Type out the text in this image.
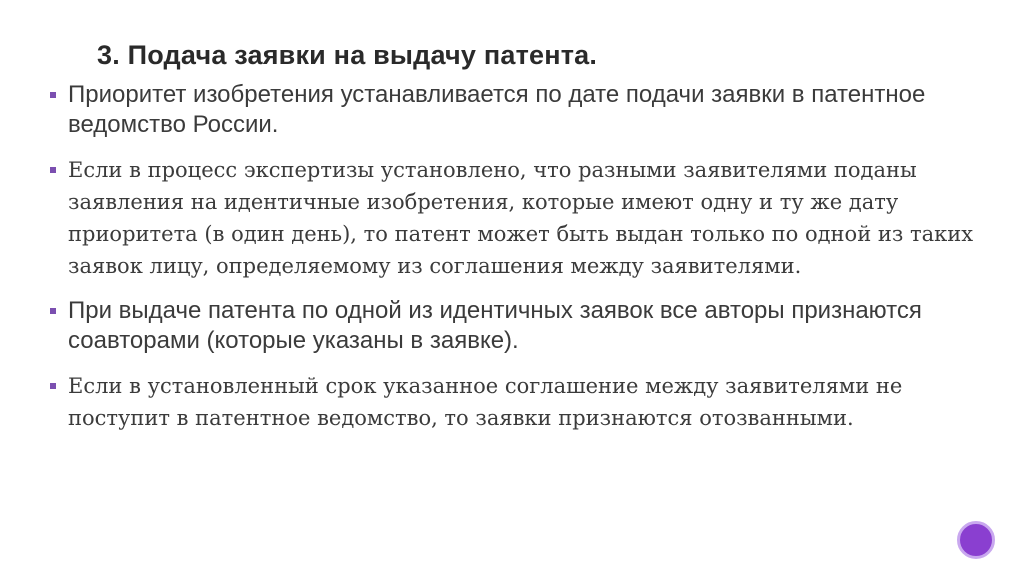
3. Подача заявки на выдачу патента.
Приоритет изобретения устанавливается по дате подачи заявки в патентное ведомство России.
Если в процесс экспертизы установлено, что разными заявителями поданы заявления на идентичные изобретения, которые имеют одну и ту же дату приоритета (в один день), то патент может быть выдан только по одной из таких заявок лицу, определяемому из соглашения между заявителями.
При выдаче патента по одной из идентичных заявок все авторы признаются соавторами (которые указаны в заявке).
Если в установленный срок указанное соглашение между заявителями не поступит в патентное ведомство, то заявки признаются отозванными.
